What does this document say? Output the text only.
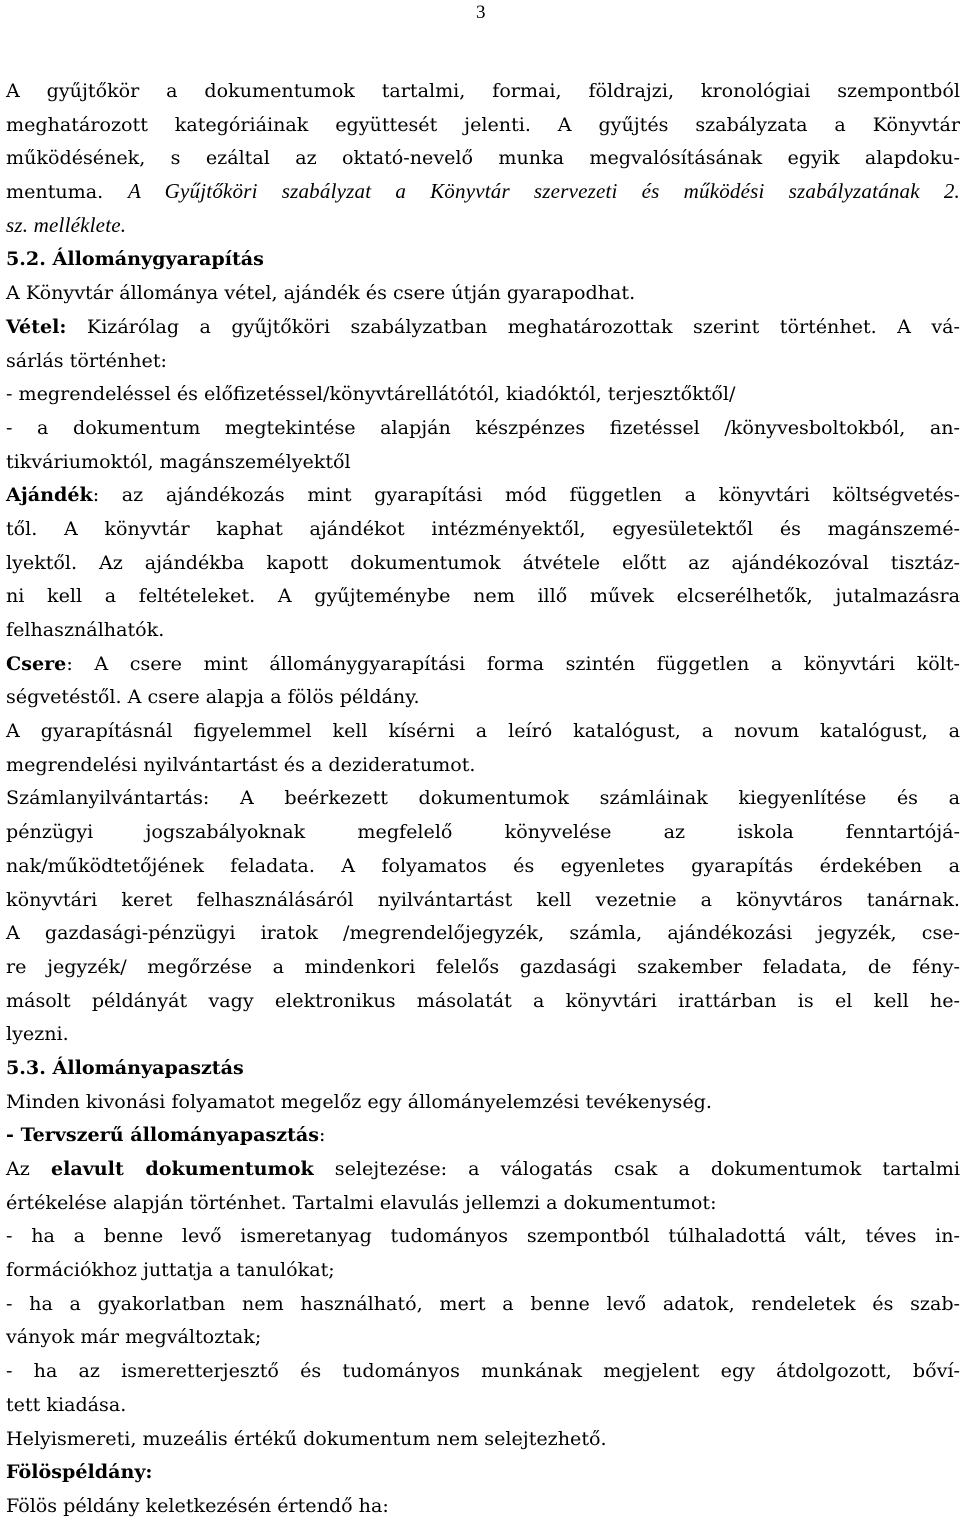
3
A gyűjtőkör a dokumentumok tartalmi, formai, földrajzi, kronológiai szempontból
meghatározott kategóriáinak együttesét jelenti. A gyűjtés szabályzata a Könyvtár
működésének, s ezáltal az oktató-nevelő munka megvalósításának egyik alapdoku-
mentuma. A Gyűjtőköri szabályzat a Könyvtár szervezeti és működési szabályzatának 2.
sz. melléklete.
5.2. Állománygyarapítás
A Könyvtár állománya vétel, ajándék és csere útján gyarapodhat.
Vétel: Kizárólag a gyűjtőköri szabályzatban meghatározottak szerint történhet. A vá-
sárlás történhet:
- megrendeléssel és előfizetéssel/könyvtárellátótól, kiadóktól, terjesztőktől/
- a dokumentum megtekintése alapján készpénzes fizetéssel /könyvesboltokból, an-
tikváriumoktól, magánszemélyektől
Ajándék: az ajándékozás mint gyarapítási mód független a könyvtári költségvetés-
től. A könyvtár kaphat ajándékot intézményektől, egyesületektől és magánszemé-
lyektől. Az ajándékba kapott dokumentumok átvétele előtt az ajándékozóval tisztáz-
ni kell a feltételeket. A gyűjteménybe nem illő művek elcserélhetők, jutalmazásra
felhasználhatók.
Csere: A csere mint állománygyarapítási forma szintén független a könyvtári költ-
ségvetéstől. A csere alapja a fölös példány.
A gyarapításnál figyelemmel kell kísérni a leíró katalógust, a novum katalógust, a
megrendelési nyilvántartást és a dezideratumot.
Számlanyilvántartás: A beérkezett dokumentumok számláinak kiegyenlítése és a
pénzügyi jogszabályoknak megfelelő könyvelése az iskola fenntartójá-
nak/működtetőjének feladata. A folyamatos és egyenletes gyarapítás érdekében a
könyvtári keret felhasználásáról nyilvántartást kell vezetnie a könyvtáros tanárnak.
A gazdasági-pénzügyi iratok /megrendelőjegyzék, számla, ajándékozási jegyzék, cse-
re jegyzék/ megőrzése a mindenkori felelős gazdasági szakember feladata, de fény-
másolt példányát vagy elektronikus másolatát a könyvtári irattárban is el kell he-
lyezni.
5.3. Állományapasztás
Minden kivonási folyamatot megelőz egy állományelemzési tevékenység.
- Tervszerű állományapasztás:
Az elavult dokumentumok selejtezése: a válogatás csak a dokumentumok tartalmi
értékelése alapján történhet. Tartalmi elavulás jellemzi a dokumentumot:
- ha a benne levő ismeretanyag tudományos szempontból túlhaladottá vált, téves in-
formációkhoz juttatja a tanulókat;
- ha a gyakorlatban nem használható, mert a benne levő adatok, rendeletek és szab-
ványok már megváltoztak;
- ha az ismeretterjesztő és tudományos munkának megjelent egy átdolgozott, bőví-
tett kiadása.
Helyismereti, muzeális értékű dokumentum nem selejtezhető.
Fölöspéldány:
Fölös példány keletkezésén értendő ha:
